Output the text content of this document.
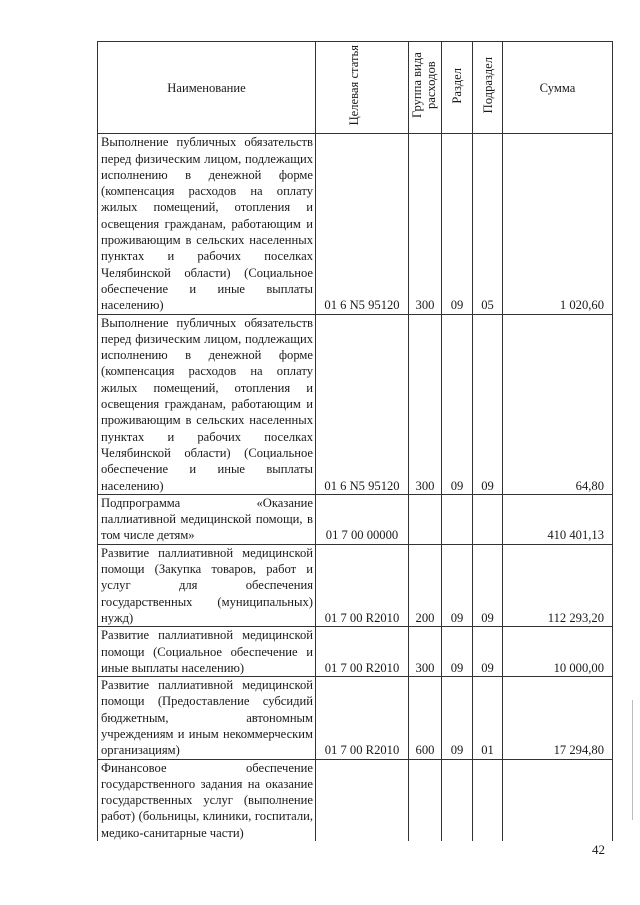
Наименование	Целевая статья	Группа вида расходов	Раздел	Подраздел	Сумма
Выполнение публичных обязательств перед физическим лицом, подлежащих исполнению в денежной форме (компенсация расходов на оплату жилых помещений, отопления и освещения гражданам, работающим и проживающим в сельских населенных пунктах и рабочих поселках Челябинской области) (Социальное обеспечение и иные выплаты населению)	01 6 N5 95120	300	09	05	1 020,60
Выполнение публичных обязательств перед физическим лицом, подлежащих исполнению в денежной форме (компенсация расходов на оплату жилых помещений, отопления и освещения гражданам, работающим и проживающим в сельских населенных пунктах и рабочих поселках Челябинской области) (Социальное обеспечение и иные выплаты населению)	01 6 N5 95120	300	09	09	64,80
Подпрограмма «Оказание паллиативной медицинской помощи, в том числе детям»	01 7 00 00000				410 401,13
Развитие паллиативной медицинской помощи (Закупка товаров, работ и услуг для обеспечения государственных (муниципальных) нужд)	01 7 00 R2010	200	09	09	112 293,20
Развитие паллиативной медицинской помощи (Социальное обеспечение и иные выплаты населению)	01 7 00 R2010	300	09	09	10 000,00
Развитие паллиативной медицинской помощи (Предоставление субсидий бюджетным, автономным учреждениям и иным некоммерческим организациям)	01 7 00 R2010	600	09	01	17 294,80
Финансовое обеспечение государственного задания на оказание государственных услуг (выполнение работ) (больницы, клиники, госпитали, медико-санитарные части)					
42
